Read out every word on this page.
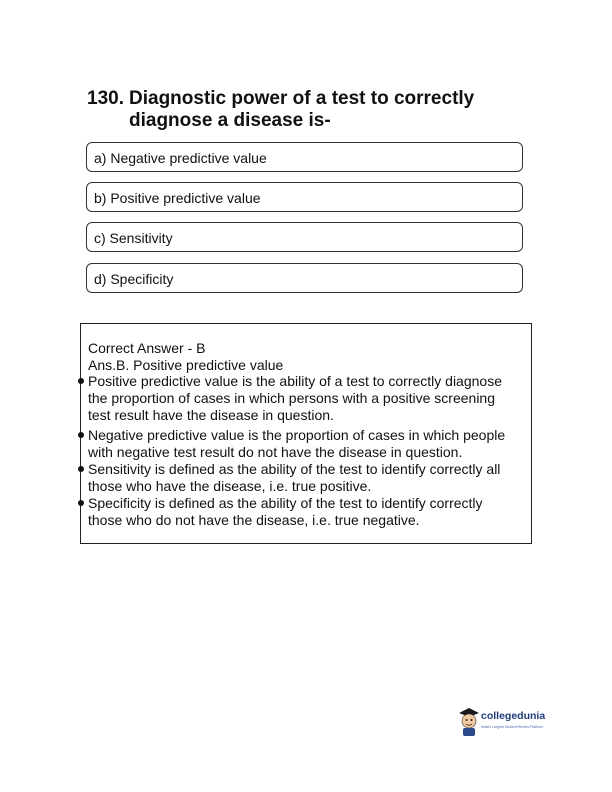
130. Diagnostic power of a test to correctly
diagnose a disease is-
a) Negative predictive value
b) Positive predictive value
c) Sensitivity
d) Specificity
Correct Answer - B
Ans.B. Positive predictive value
Positive predictive value is the ability of a test to correctly diagnose
the proportion of cases in which persons with a positive screening
test result have the disease in question.
Negative predictive value is the proportion of cases in which people
with negative test result do not have the disease in question.
Sensitivity is defined as the ability of the test to identify correctly all
those who have the disease, i.e. true positive.
Specificity is defined as the ability of the test to identify correctly
those who do not have the disease, i.e. true negative.
collegedunia
India's Largest Student Review Platform
